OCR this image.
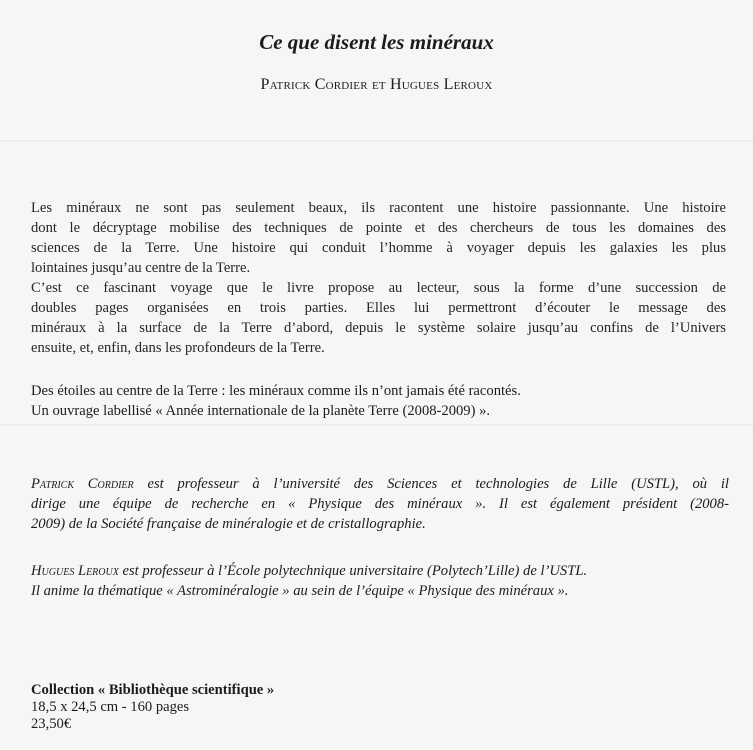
Ce que disent les minéraux

Patrick Cordier et Hugues Leroux

Les minéraux ne sont pas seulement beaux, ils racontent une histoire passionnante. Une histoire

dont le décryptage mobilise des techniques de pointe et des chercheurs de tous les domaines des

sciences de la Terre. Une histoire qui conduit l’homme à voyager depuis les galaxies les plus

lointaines jusqu’au centre de la Terre.

C’est ce fascinant voyage que le livre propose au lecteur, sous la forme d’une succession de

doubles pages organisées en trois parties. Elles lui permettront d’écouter le message des

minéraux à la surface de la Terre d’abord, depuis le système solaire jusqu’au confins de l’Univers

ensuite, et, enfin, dans les profondeurs de la Terre.

Des étoiles au centre de la Terre : les minéraux comme ils n’ont jamais été racontés.

Un ouvrage labellisé « Année internationale de la planète Terre (2008-2009) ».

Patrick Cordier est professeur à l’université des Sciences et technologies de Lille (USTL), où il

dirige une équipe de recherche en « Physique des minéraux ». Il est également président (2008-

2009) de la Société française de minéralogie et de cristallographie.

Hugues Leroux est professeur à l’École polytechnique universitaire (Polytech’Lille) de l’USTL.

Il anime la thématique « Astrominéralogie » au sein de l’équipe « Physique des minéraux ».

Collection « Bibliothèque scientifique »

18,5 x 24,5 cm - 160 pages

23,50€
